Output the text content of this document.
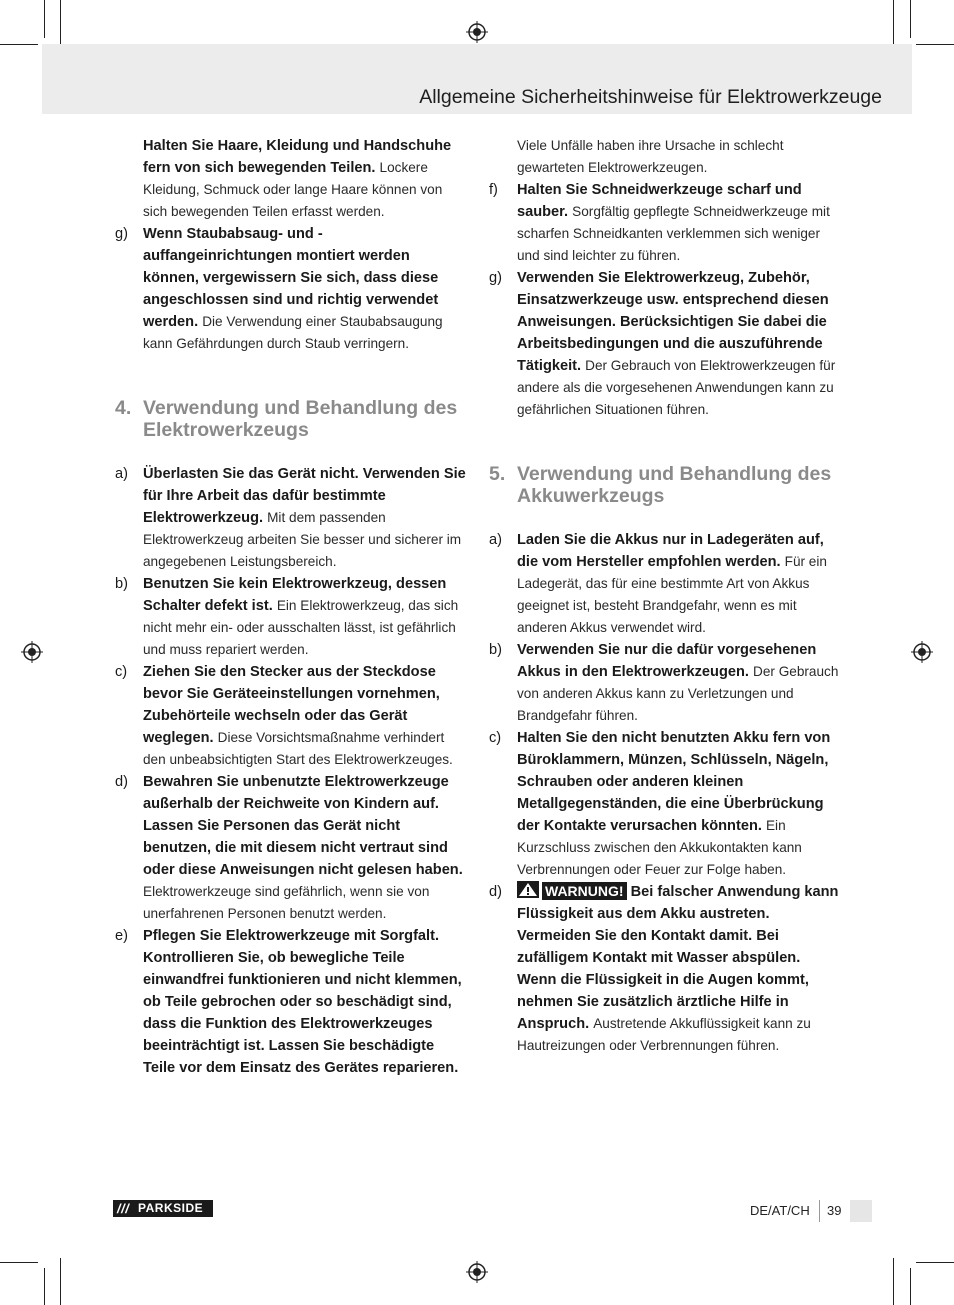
Allgemeine Sicherheitshinweise für Elektrowerkzeuge
Halten Sie Haare, Kleidung und Handschuhe fern von sich bewegenden Teilen. Lockere Kleidung, Schmuck oder lange Haare können von sich bewegenden Teilen erfasst werden.
g) Wenn Staubabsaug- und -auffangeinrichtungen montiert werden können, vergewissern Sie sich, dass diese angeschlossen sind und richtig verwendet werden. Die Verwendung einer Staubabsaugung kann Gefährdungen durch Staub verringern.
4. Verwendung und Behandlung des Elektrowerkzeugs
a) Überlasten Sie das Gerät nicht. Verwenden Sie für Ihre Arbeit das dafür bestimmte Elektrowerkzeug. Mit dem passenden Elektrowerkzeug arbeiten Sie besser und sicherer im angegebenen Leistungsbereich.
b) Benutzen Sie kein Elektrowerkzeug, dessen Schalter defekt ist. Ein Elektrowerkzeug, das sich nicht mehr ein- oder ausschalten lässt, ist gefährlich und muss repariert werden.
c) Ziehen Sie den Stecker aus der Steckdose bevor Sie Geräteeinstellungen vornehmen, Zubehörteile wechseln oder das Gerät weglegen. Diese Vorsichtsmaßnahme verhindert den unbeabsichtigten Start des Elektrowerkzeuges.
d) Bewahren Sie unbenutzte Elektrowerkzeuge außerhalb der Reichweite von Kindern auf. Lassen Sie Personen das Gerät nicht benutzen, die mit diesem nicht vertraut sind oder diese Anweisungen nicht gelesen haben. Elektrowerkzeuge sind gefährlich, wenn sie von unerfahrenen Personen benutzt werden.
e) Pflegen Sie Elektrowerkzeuge mit Sorgfalt. Kontrollieren Sie, ob bewegliche Teile einwandfrei funktionieren und nicht klemmen, ob Teile gebrochen oder so beschädigt sind, dass die Funktion des Elektrowerkzeuges beeinträchtigt ist. Lassen Sie beschädigte Teile vor dem Einsatz des Gerätes reparieren.
Viele Unfälle haben ihre Ursache in schlecht gewarteten Elektrowerkzeugen.
f) Halten Sie Schneidwerkzeuge scharf und sauber. Sorgfältig gepflegte Schneidwerkzeuge mit scharfen Schneidkanten verklemmen sich weniger und sind leichter zu führen.
g) Verwenden Sie Elektrowerkzeug, Zubehör, Einsatzwerkzeuge usw. entsprechend diesen Anweisungen. Berücksichtigen Sie dabei die Arbeitsbedingungen und die auszuführende Tätigkeit. Der Gebrauch von Elektrowerkzeugen für andere als die vorgesehenen Anwendungen kann zu gefährlichen Situationen führen.
5. Verwendung und Behandlung des Akkuwerkzeugs
a) Laden Sie die Akkus nur in Ladegeräten auf, die vom Hersteller empfohlen werden. Für ein Ladegerät, das für eine bestimmte Art von Akkus geeignet ist, besteht Brandgefahr, wenn es mit anderen Akkus verwendet wird.
b) Verwenden Sie nur die dafür vorgesehenen Akkus in den Elektrowerkzeugen. Der Gebrauch von anderen Akkus kann zu Verletzungen und Brandgefahr führen.
c) Halten Sie den nicht benutzten Akku fern von Büroklammern, Münzen, Schlüsseln, Nägeln, Schrauben oder anderen kleinen Metallgegenständen, die eine Überbrückung der Kontakte verursachen könnten. Ein Kurzschluss zwischen den Akkukontakten kann Verbrennungen oder Feuer zur Folge haben.
d)	WARNUNG! Bei falscher Anwendung kann Flüssigkeit aus dem Akku austreten. Vermeiden Sie den Kontakt damit. Bei zufälligem Kontakt mit Wasser abspülen. Wenn die Flüssigkeit in die Augen kommt, nehmen Sie zusätzlich ärztliche Hilfe in Anspruch. Austretende Akkuflüssigkeit kann zu Hautreizungen oder Verbrennungen führen.
/// PARKSIDE	DE/AT/CH 39
